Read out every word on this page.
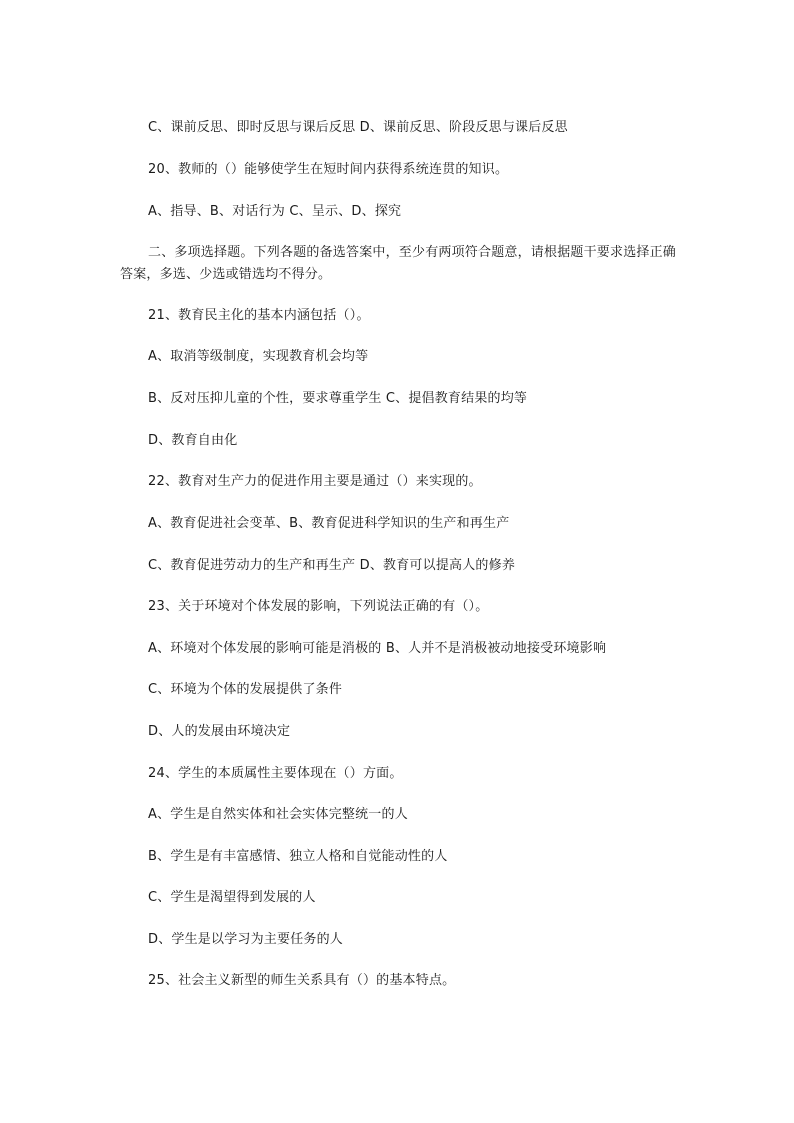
C、课前反思、即时反思与课后反思 D、课前反思、阶段反思与课后反思
20、教师的（）能够使学生在短时间内获得系统连贯的知识。
A、指导、B、对话行为 C、呈示、D、探究
二、多项选择题。下列各题的备选答案中，至少有两项符合题意，请根据题干要求选择正确答案，多选、少选或错选均不得分。
21、教育民主化的基本内涵包括（）。
A、取消等级制度，实现教育机会均等
B、反对压抑儿童的个性，要求尊重学生 C、提倡教育结果的均等
D、教育自由化
22、教育对生产力的促进作用主要是通过（）来实现的。
A、教育促进社会变革、B、教育促进科学知识的生产和再生产
C、教育促进劳动力的生产和再生产 D、教育可以提高人的修养
23、关于环境对个体发展的影响，下列说法正确的有（）。
A、环境对个体发展的影响可能是消极的 B、人并不是消极被动地接受环境影响
C、环境为个体的发展提供了条件
D、人的发展由环境决定
24、学生的本质属性主要体现在（）方面。
A、学生是自然实体和社会实体完整统一的人
B、学生是有丰富感情、独立人格和自觉能动性的人
C、学生是渴望得到发展的人
D、学生是以学习为主要任务的人
25、社会主义新型的师生关系具有（）的基本特点。
